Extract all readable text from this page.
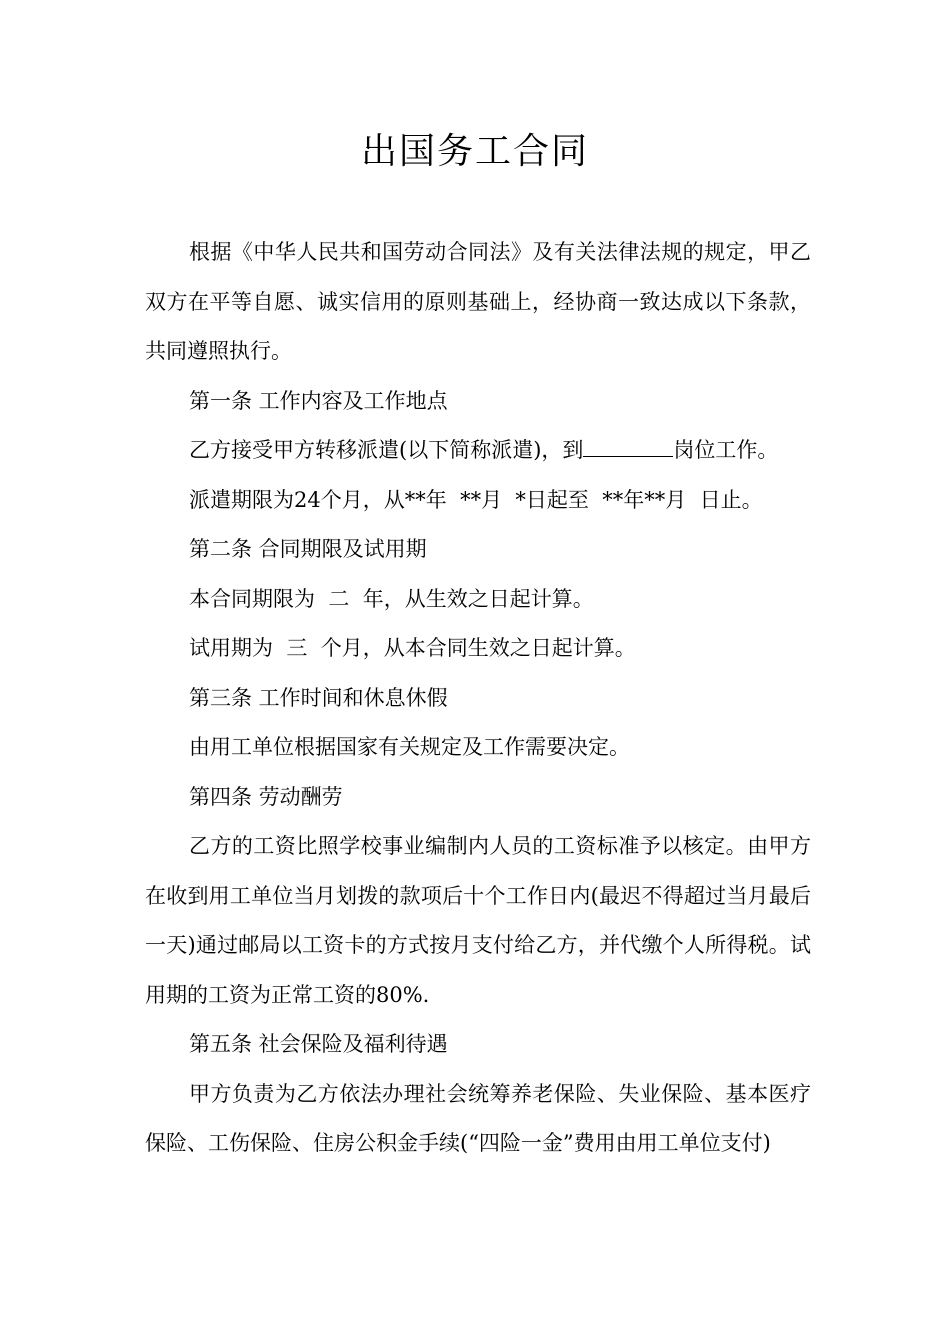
出国务工合同

根据《中华人民共和国劳动合同法》及有关法律法规的规定，甲乙双方在平等自愿、诚实信用的原则基础上，经协商一致达成以下条款，共同遵照执行。

第一条 工作内容及工作地点

乙方接受甲方转移派遣(以下简称派遣)，到	岗位工作。

派遣期限为24个月，从**年  **月  *日起至  **年**月  日止。

第二条 合同期限及试用期

本合同期限为  二  年，从生效之日起计算。

试用期为  三  个月，从本合同生效之日起计算。

第三条 工作时间和休息休假

由用工单位根据国家有关规定及工作需要决定。

第四条 劳动酬劳

乙方的工资比照学校事业编制内人员的工资标准予以核定。由甲方在收到用工单位当月划拨的款项后十个工作日内(最迟不得超过当月最后一天)通过邮局以工资卡的方式按月支付给乙方，并代缴个人所得税。试用期的工资为正常工资的80%.

第五条 社会保险及福利待遇

甲方负责为乙方依法办理社会统筹养老保险、失业保险、基本医疗保险、工伤保险、住房公积金手续(“四险一金”费用由用工单位支付)
